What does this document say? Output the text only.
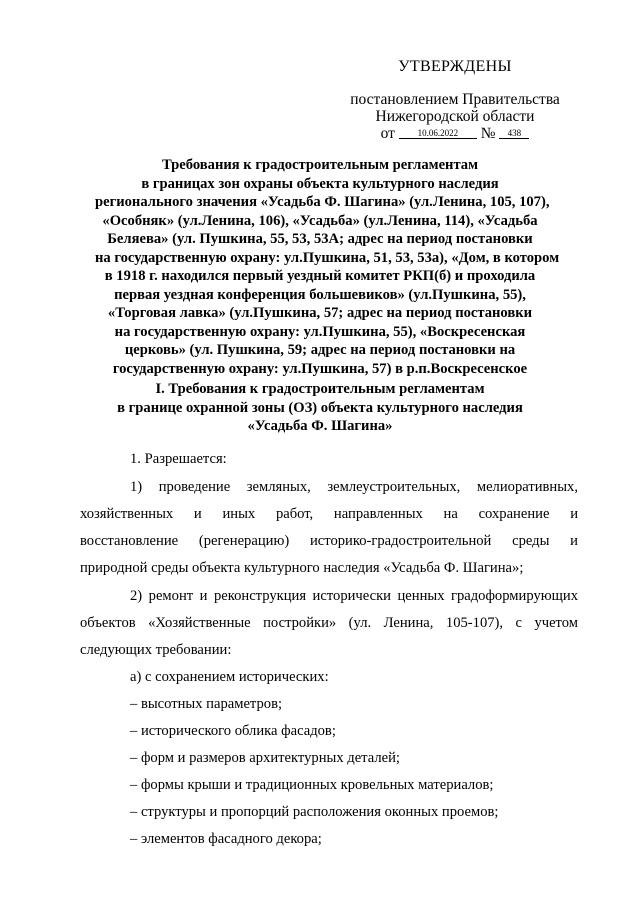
УТВЕРЖДЕНЫ
постановлением Правительства
Нижегородской области
от	10.06.2022 № 438
Требования к градостроительным регламентам
в границах зон охраны объекта культурного наследия
регионального значения «Усадьба Ф. Шагина» (ул.Ленина, 105, 107),
«Особняк» (ул.Ленина, 106), «Усадьба» (ул.Ленина, 114), «Усадьба
Беляева» (ул. Пушкина, 55, 53, 53А; адрес на период постановки
на государственную охрану: ул.Пушкина, 51, 53, 53а), «Дом, в котором
в 1918 г. находился первый уездный комитет РКП(б) и проходила
первая уездная конференция большевиков» (ул.Пушкина, 55),
«Торговая лавка» (ул.Пушкина, 57; адрес на период постановки
на государственную охрану: ул.Пушкина, 55), «Воскресенская
церковь» (ул. Пушкина, 59; адрес на период постановки на
государственную охрану: ул.Пушкина, 57) в р.п.Воскресенское
I. Требования к градостроительным регламентам
в границе охранной зоны (ОЗ) объекта культурного наследия
«Усадьба Ф. Шагина»
1. Разрешается:
1) проведение земляных, землеустроительных, мелиоративных,
хозяйственных и иных работ, направленных на сохранение и
восстановление (регенерацию) историко-градостроительной среды и
природной среды объекта культурного наследия «Усадьба Ф. Шагина»;
2) ремонт и реконструкция исторически ценных градоформирующих
объектов «Хозяйственные постройки» (ул. Ленина, 105-107), с учетом
следующих требовании:
а) с сохранением исторических:
– высотных параметров;
– исторического облика фасадов;
– форм и размеров архитектурных деталей;
– формы крыши и традиционных кровельных материалов;
– структуры и пропорций расположения оконных проемов;
– элементов фасадного декора;
